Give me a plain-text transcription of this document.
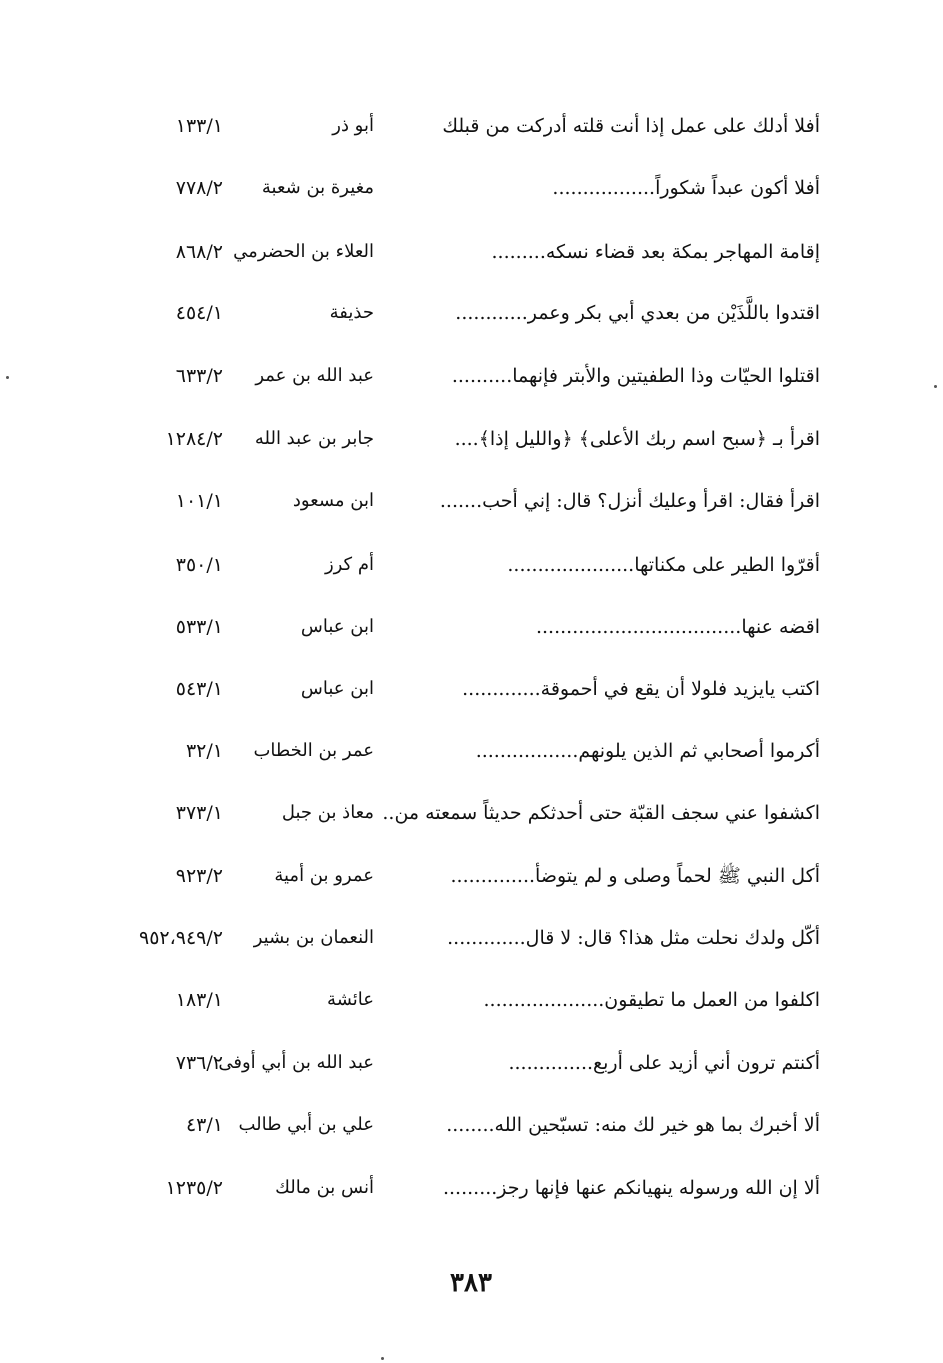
أفلا أدلك على عمل إذا أنت قلته أدركت من قبلك
أبو ذر
١٣٣/١
أفلا أكون عبداً شكوراً.................
مغيرة بن شعبة
٧٧٨/٢
إقامة المهاجر بمكة بعد قضاء نسكه.........
العلاء بن الحضرمي
٨٦٨/٢
اقتدوا باللَّذَيْن من بعدي أبي بكر وعمر............
حذيفة
٤٥٤/١
اقتلوا الحيّات وذا الطفيتين والأبتر فإنهما..........
عبد الله بن عمر
٦٣٣/٢
اقرأ بـ ﴿سبح اسم ربك الأعلى﴾ ﴿والليل إذا﴾....
جابر بن عبد الله
١٢٨٤/٢
اقرأ فقال: اقرأ وعليك أنزل؟ قال: إني أحب.......
ابن مسعود
١٠١/١
أقرّوا الطير على مكناتها.....................
أم كرز
٣٥٠/١
اقضه عنها..................................
ابن عباس
٥٣٣/١
اكتب يايزيد فلولا أن يقع في أحموقة.............
ابن عباس
٥٤٣/١
أكرموا أصحابي ثم الذين يلونهم.................
عمر بن الخطاب
٣٢/١
اكشفوا عني سجف القبّة حتى أحدثكم حديثاً سمعته من..
معاذ بن جبل
٣٧٣/١
أكل النبي ﷺ لحماً وصلى و لم يتوضأ..............
عمرو بن أمية
٩٢٣/٢
أكّل ولدك نحلت مثل هذا؟ قال: لا قال.............
النعمان بن بشير
٩٥٢،٩٤٩/٢
اكلفوا من العمل ما تطيقون....................
عائشة
١٨٣/١
أكنتم ترون أني أزيد على أربع..............
عبد الله بن أبي أوفى
٧٣٦/٢
ألا أخبرك بما هو خير لك منه: تسبّحين الله........
علي بن أبي طالب
٤٣/١
ألا إن الله ورسوله ينهيانكم عنها فإنها رجز.........
أنس بن مالك
١٢٣٥/٢
٣٨٣
